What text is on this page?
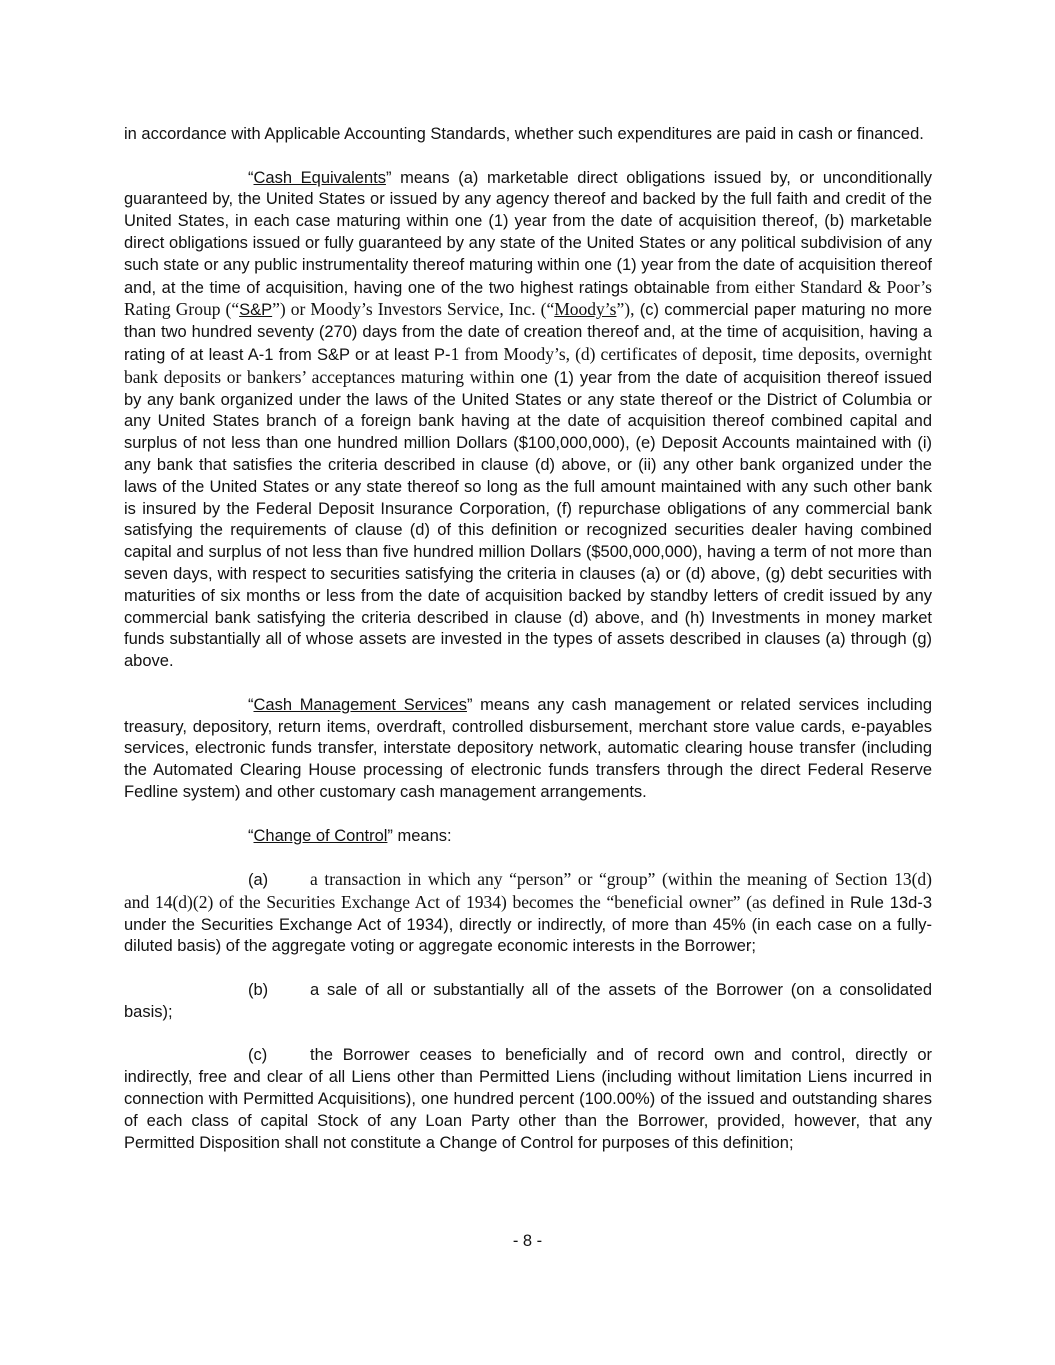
in accordance with Applicable Accounting Standards, whether such expenditures are paid in cash or financed.

“Cash Equivalents” means (a) marketable direct obligations issued by, or unconditionally guaranteed by, the United States or issued by any agency thereof and backed by the full faith and credit of the United States, in each case maturing within one (1) year from the date of acquisition thereof, (b) marketable direct obligations issued or fully guaranteed by any state of the United States or any political subdivision of any such state or any public instrumentality thereof maturing within one (1) year from the date of acquisition thereof and, at the time of acquisition, having one of the two highest ratings obtainable from either Standard & Poor’s Rating Group (“S&P”) or Moody’s Investors Service, Inc. (“Moody’s”), (c) commercial paper maturing no more than two hundred seventy (270) days from the date of creation thereof and, at the time of acquisition, having a rating of at least A-1 from S&P or at least P-1 from Moody’s, (d) certificates of deposit, time deposits, overnight bank deposits or bankers’ acceptances maturing within one (1) year from the date of acquisition thereof issued by any bank organized under the laws of the United States or any state thereof or the District of Columbia or any United States branch of a foreign bank having at the date of acquisition thereof combined capital and surplus of not less than one hundred million Dollars ($100,000,000), (e) Deposit Accounts maintained with (i) any bank that satisfies the criteria described in clause (d) above, or (ii) any other bank organized under the laws of the United States or any state thereof so long as the full amount maintained with any such other bank is insured by the Federal Deposit Insurance Corporation, (f) repurchase obligations of any commercial bank satisfying the requirements of clause (d) of this definition or recognized securities dealer having combined capital and surplus of not less than five hundred million Dollars ($500,000,000), having a term of not more than seven days, with respect to securities satisfying the criteria in clauses (a) or (d) above, (g) debt securities with maturities of six months or less from the date of acquisition backed by standby letters of credit issued by any commercial bank satisfying the criteria described in clause (d) above, and (h) Investments in money market funds substantially all of whose assets are invested in the types of assets described in clauses (a) through (g) above.

“Cash Management Services” means any cash management or related services including treasury, depository, return items, overdraft, controlled disbursement, merchant store value cards, e-payables services, electronic funds transfer, interstate depository network, automatic clearing house transfer (including the Automated Clearing House processing of electronic funds transfers through the direct Federal Reserve Fedline system) and other customary cash management arrangements.

“Change of Control” means:

(a) a transaction in which any “person” or “group” (within the meaning of Section 13(d) and 14(d)(2) of the Securities Exchange Act of 1934) becomes the “beneficial owner” (as defined in Rule 13d-3 under the Securities Exchange Act of 1934), directly or indirectly, of more than 45% (in each case on a fully-diluted basis) of the aggregate voting or aggregate economic interests in the Borrower;

(b)	a sale of all or substantially all of the assets of the Borrower (on a consolidated basis);

(c)	the Borrower ceases to beneficially and of record own and control, directly or indirectly, free and clear of all Liens other than Permitted Liens (including without limitation Liens incurred in connection with Permitted Acquisitions), one hundred percent (100.00%) of the issued and outstanding shares of each class of capital Stock of any Loan Party other than the Borrower, provided, however, that any Permitted Disposition shall not constitute a Change of Control for purposes of this definition;

- 8 -
